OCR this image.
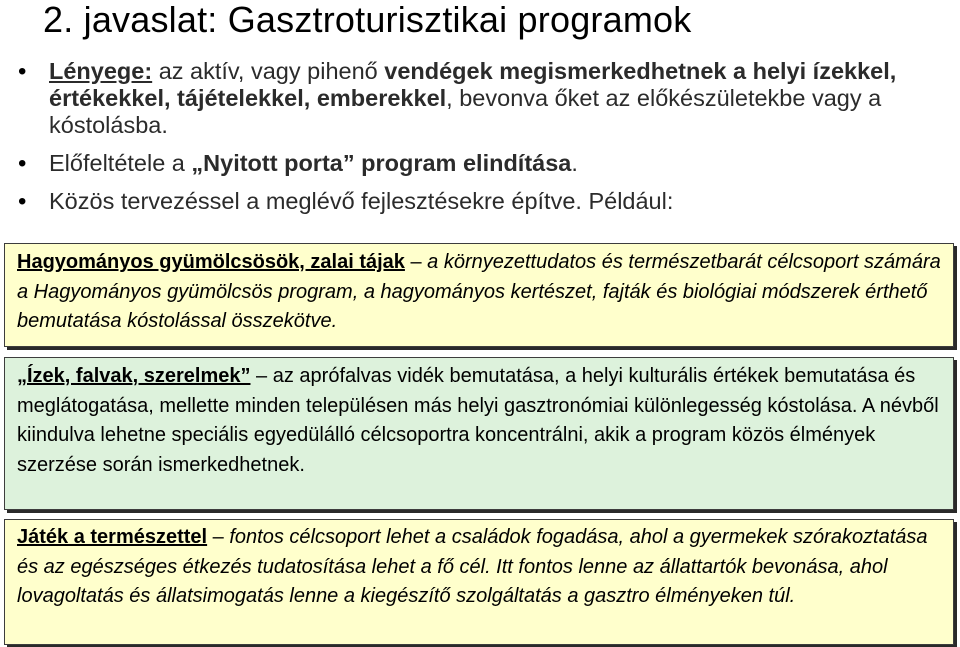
2. javaslat: Gasztroturisztikai programok
• Lényege: az aktív, vagy pihenő vendégek megismerkedhetnek a helyi ízekkel, értékekkel, tájételekkel, emberekkel, bevonva őket az előkészületekbe vagy a kóstolásba.
• Előfeltétele a „Nyitott porta” program elindítása.
• Közös tervezéssel a meglévő fejlesztésekre építve. Például:
Hagyományos gyümölcsösök, zalai tájak – a környezettudatos és természetbarát célcsoport számára a Hagyományos gyümölcsös program, a hagyományos kertészet, fajták és biológiai módszerek érthető bemutatása kóstolással összekötve.
„Ízek, falvak, szerelmek” – az aprófalvas vidék bemutatása, a helyi kulturális értékek bemutatása és meglátogatása, mellette minden településen más helyi gasztronómiai különlegesség kóstolása. A névből kiindulva lehetne speciális egyedülálló célcsoportra koncentrálni, akik a program közös élmények szerzése során ismerkedhetnek.
Játék a természettel – fontos célcsoport lehet a családok fogadása, ahol a gyermekek szórakoztatása és az egészséges étkezés tudatosítása lehet a fő cél. Itt fontos lenne az állattartók bevonása, ahol lovagoltatás és állatsimogatás lenne a kiegészítő szolgáltatás a gasztro élményeken túl.
